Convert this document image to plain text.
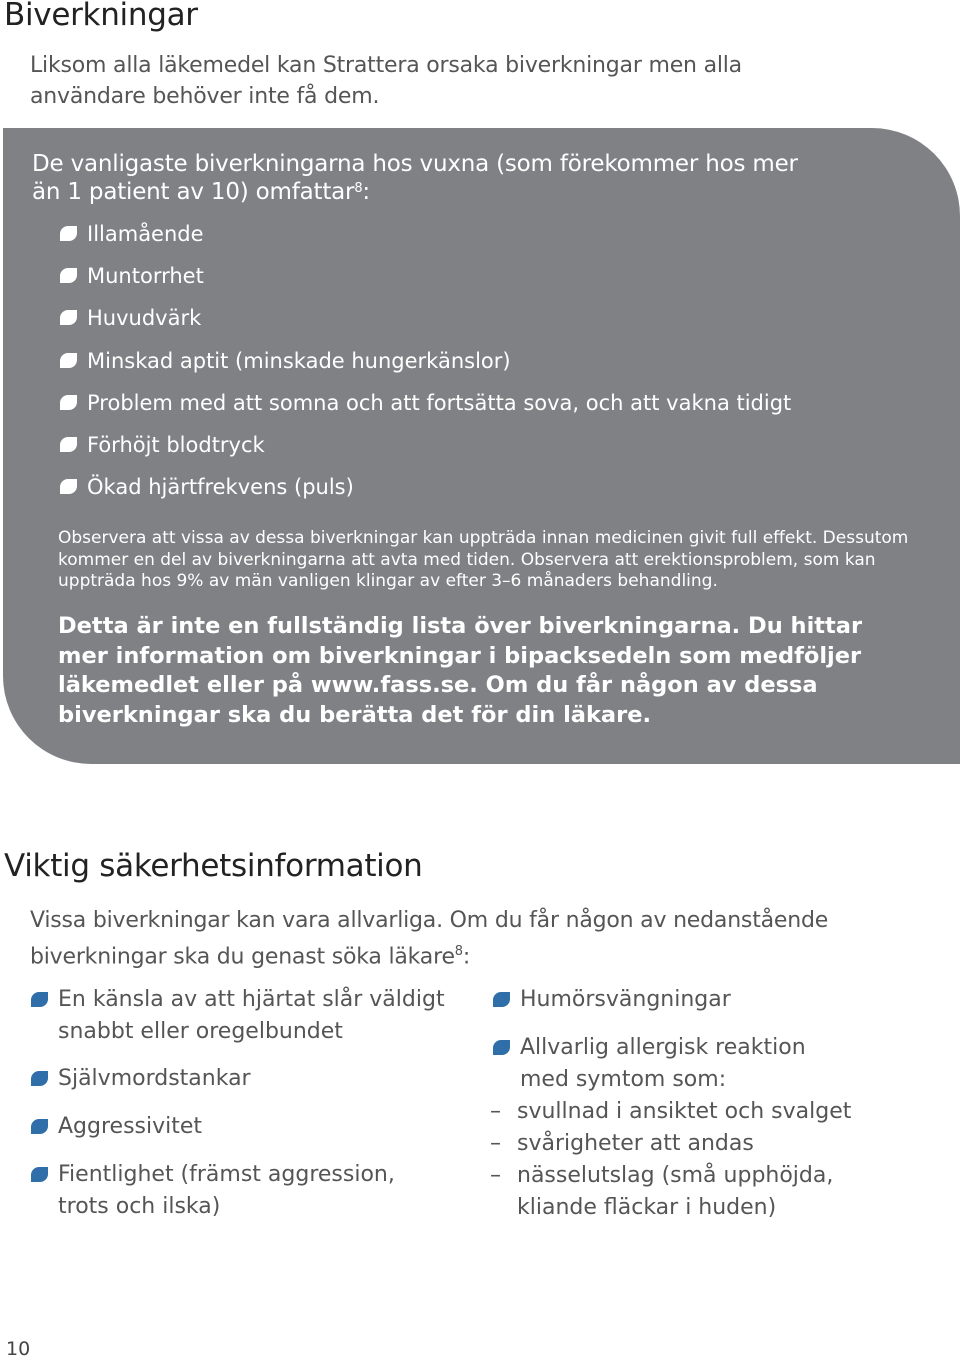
Biverkningar

Liksom alla läkemedel kan Strattera orsaka biverkningar men alla användare behöver inte få dem.

De vanligaste biverkningarna hos vuxna (som förekommer hos mer än 1 patient av 10) omfattar$^8$:

Illamående
Muntorrhet
Huvudvärk
Minskad aptit (minskade hungerkänslor)
Problem med att somna och att fortsätta sova, och att vakna tidigt
Förhöjt blodtryck
Ökad hjärtfrekvens (puls)

Observera att vissa av dessa biverkningar kan uppträda innan medicinen givit full effekt. Dessutom kommer en del av biverkningarna att avta med tiden. Observera att erektionsproblem, som kan uppträda hos 9% av män vanligen klingar av efter 3–6 månaders behandling.

Detta är inte en fullständig lista över biverkningarna. Du hittar mer information om biverkningar i bipacksedeln som medföljer läkemedlet eller på www.fass.se. Om du får någon av dessa biverkningar ska du berätta det för din läkare.

Viktig säkerhetsinformation

Vissa biverkningar kan vara allvarliga. Om du får någon av nedanstående biverkningar ska du genast söka läkare$^8$:

En känsla av att hjärtat slår väldigt snabbt eller oregelbundet
Självmordstankar
Aggressivitet
Fientlighet (främst aggression, trots och ilska)
Humörsvängningar
Allvarlig allergisk reaktion med symtom som:
– svullnad i ansiktet och svalget
– svårigheter att andas
– nässelutslag (små upphöjda, kliande fläckar i huden)
10
